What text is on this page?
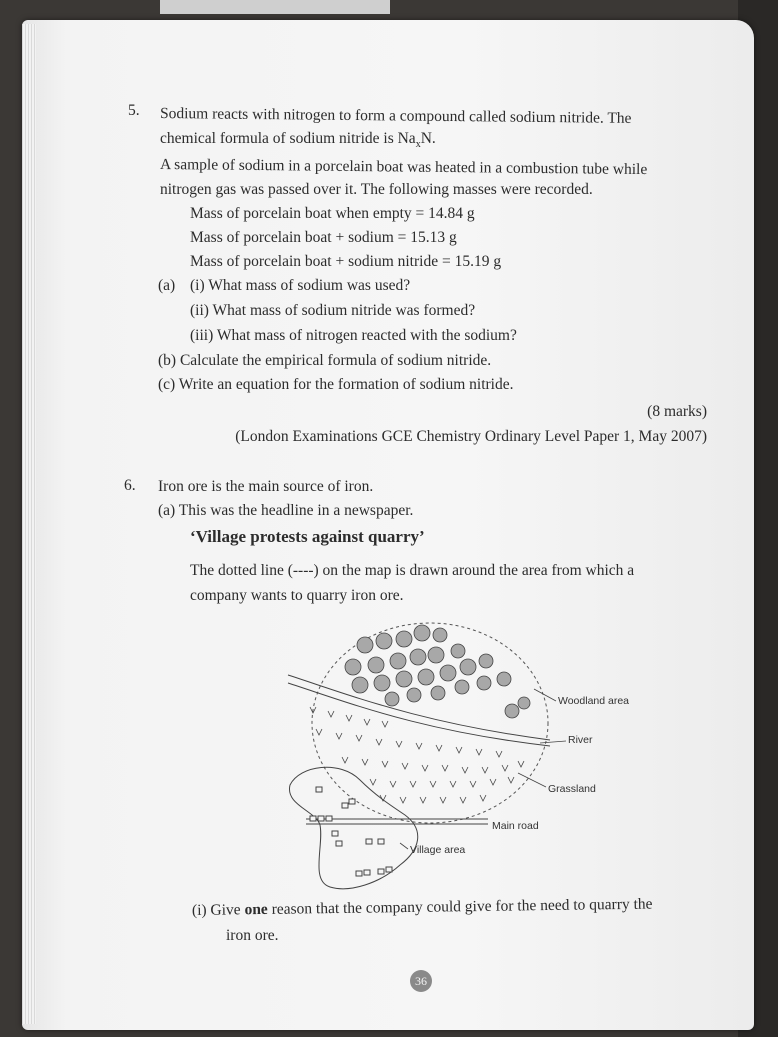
5. Sodium reacts with nitrogen to form a compound called sodium nitride. The
chemical formula of sodium nitride is $Na_xN$.
A sample of sodium in a porcelain boat was heated in a combustion tube while
nitrogen gas was passed over it. The following masses were recorded.
Mass of porcelain boat when empty = 14.84 g
Mass of porcelain boat + sodium = 15.13 g
Mass of porcelain boat + sodium nitride = 15.19 g
(a) (i) What mass of sodium was used?
(ii) What mass of sodium nitride was formed?
(iii) What mass of nitrogen reacted with the sodium?
(b) Calculate the empirical formula of sodium nitride.
(c) Write an equation for the formation of sodium nitride.
(8 marks)
(London Examinations GCE Chemistry Ordinary Level Paper 1, May 2007)
6. Iron ore is the main source of iron.
(a) This was the headline in a newspaper.
‘Village protests against quarry’
The dotted line (----) on the map is drawn around the area from which a
company wants to quarry iron ore.
Woodland area
River
Grassland
Main road
Village area
(i) Give one reason that the company could give for the need to quarry the
iron ore.
36
